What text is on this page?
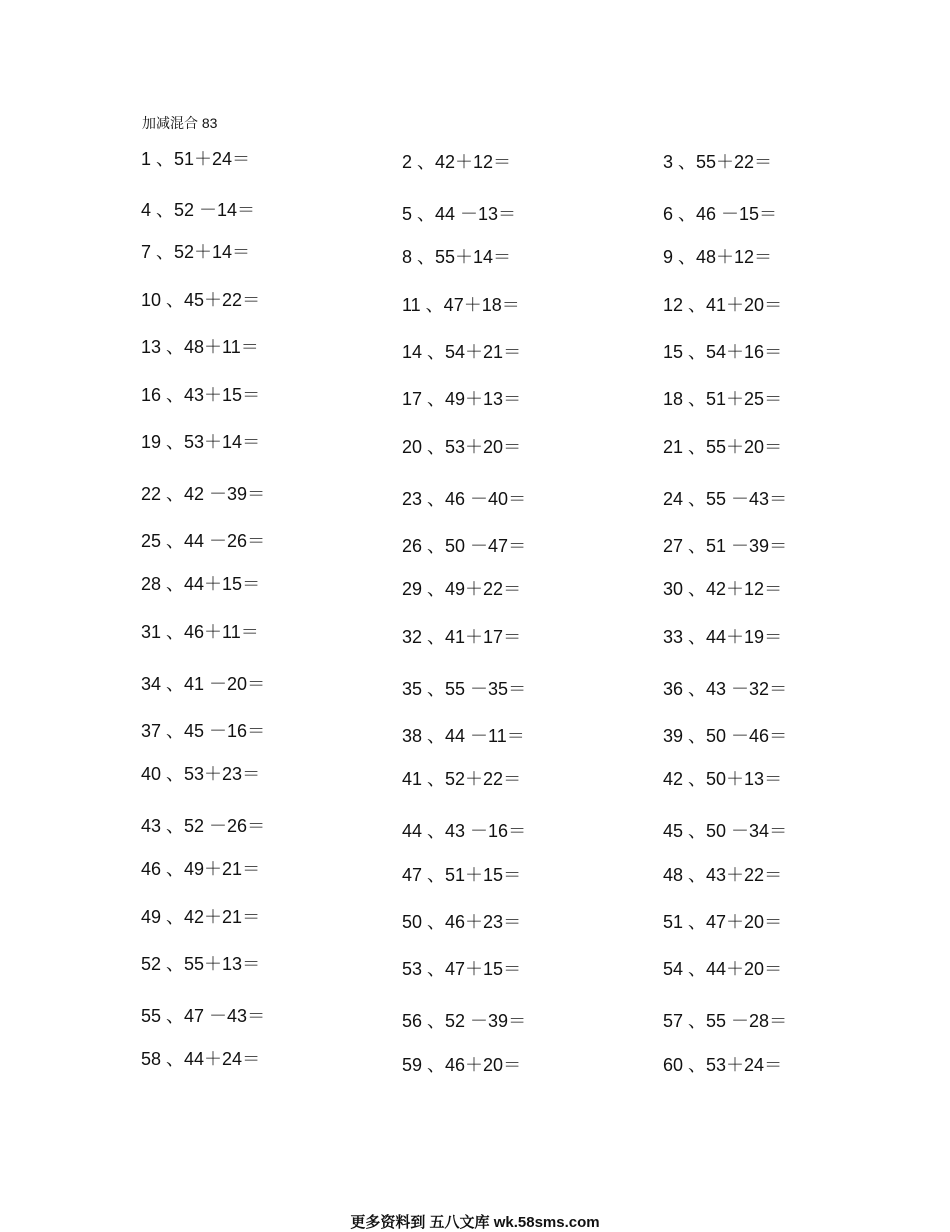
加减混合 83
1 、51＋24＝	2 、42＋12＝	3 、55＋22＝
4 、52 －14＝	5 、44 －13＝	6 、46 －15＝
7 、52＋14＝	8 、55＋14＝	9 、48＋12＝
10 、45＋22＝	11 、47＋18＝	12 、41＋20＝
13 、48＋11＝	14 、54＋21＝	15 、54＋16＝
16 、43＋15＝	17 、49＋13＝	18 、51＋25＝
19 、53＋14＝	20 、53＋20＝	21 、55＋20＝
22 、42 －39＝	23 、46 －40＝	24 、55 －43＝
25 、44 －26＝	26 、50 －47＝	27 、51 －39＝
28 、44＋15＝	29 、49＋22＝	30 、42＋12＝
31 、46＋11＝	32 、41＋17＝	33 、44＋19＝
34 、41 －20＝	35 、55 －35＝	36 、43 －32＝
37 、45 －16＝	38 、44 －11＝	39 、50 －46＝
40 、53＋23＝	41 、52＋22＝	42 、50＋13＝
43 、52 －26＝	44 、43 －16＝	45 、50 －34＝
46 、49＋21＝	47 、51＋15＝	48 、43＋22＝
49 、42＋21＝	50 、46＋23＝	51 、47＋20＝
52 、55＋13＝	53 、47＋15＝	54 、44＋20＝
55 、47 －43＝	56 、52 －39＝	57 、55 －28＝
58 、44＋24＝	59 、46＋20＝	60 、53＋24＝
更多资料到 五八文库 wk.58sms.com
